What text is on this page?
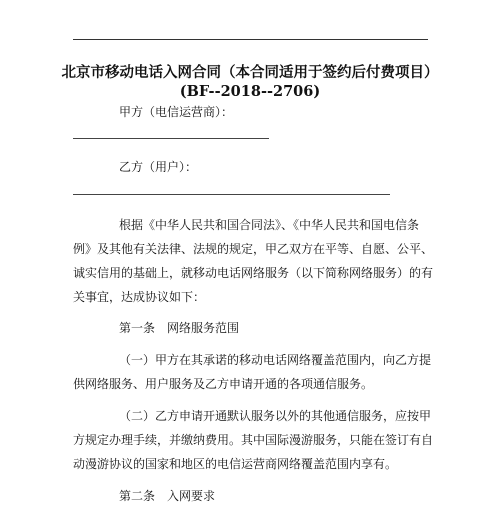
北京市移动电话入网合同（本合同适用于签约后付费项目）
(BF--2018--2706)
甲方（电信运营商）：
乙方（用户）：
根据《中华人民共和国合同法》、《中华人民共和国电信条
例》及其他有关法律、法规的规定，甲乙双方在平等、自愿、公平、
诚实信用的基础上，就移动电话网络服务（以下简称网络服务）的有
关事宜，达成协议如下：
第一条　网络服务范围
（一）甲方在其承诺的移动电话网络覆盖范围内，向乙方提
供网络服务、用户服务及乙方申请开通的各项通信服务。
（二）乙方申请开通默认服务以外的其他通信服务，应按甲
方规定办理手续，并缴纳费用。其中国际漫游服务，只能在签订有自
动漫游协议的国家和地区的电信运营商网络覆盖范围内享有。
第二条　入网要求
